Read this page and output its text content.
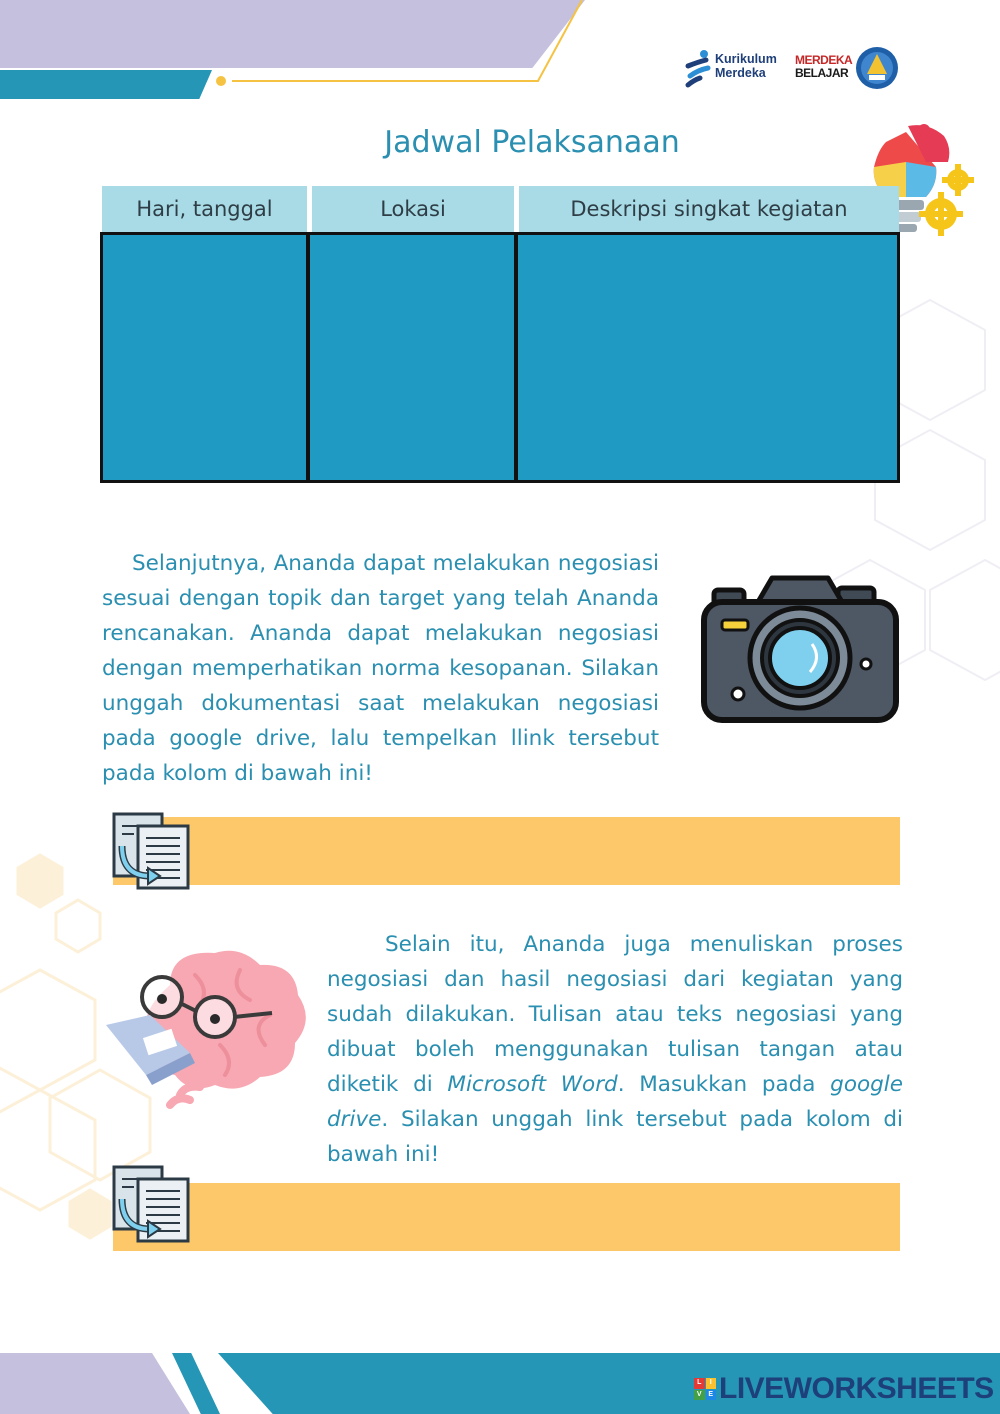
Kurikulum
Merdeka
MERDEKA
BELAJAR
Jadwal Pelaksanaan
Hari, tanggal	Lokasi	Deskripsi singkat kegiatan

Selanjutnya, Ananda dapat melakukan negosiasi sesuai dengan topik dan target yang telah Ananda rencanakan. Ananda dapat melakukan negosiasi dengan memperhatikan norma kesopanan. Silakan unggah dokumentasi saat melakukan negosiasi pada google drive, lalu tempelkan llink tersebut pada kolom di bawah ini!

Selain itu, Ananda juga menuliskan proses negosiasi dan hasil negosiasi dari kegiatan yang sudah dilakukan. Tulisan atau teks negosiasi yang dibuat boleh menggunakan tulisan tangan atau diketik di Microsoft Word. Masukkan pada google drive. Silakan unggah link tersebut pada kolom di bawah ini!

L	I
V E LIVEWORKSHEETS
